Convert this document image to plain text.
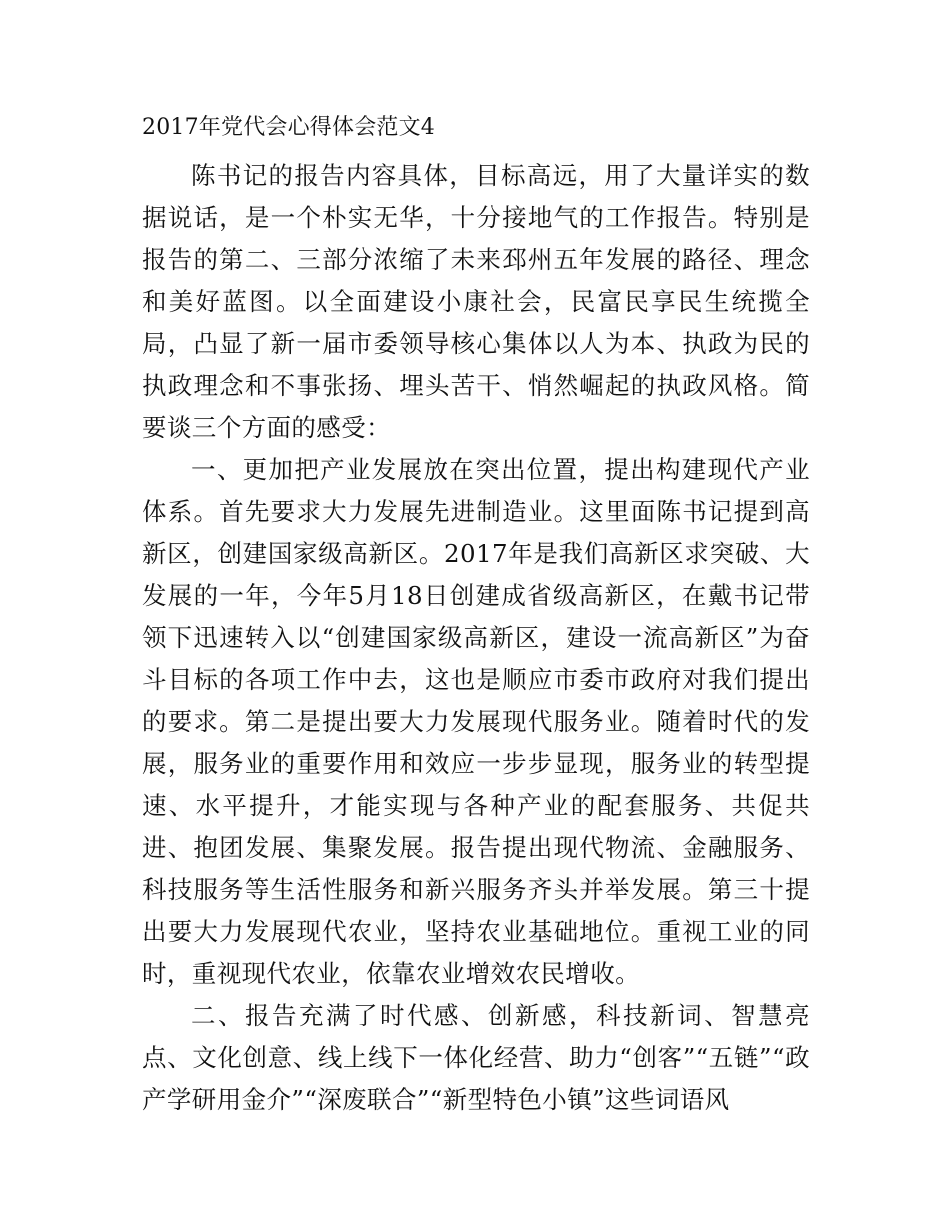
2017年党代会心得体会范文4

陈书记的报告内容具体，目标高远，用了大量详实的数据说话，是一个朴实无华，十分接地气的工作报告。特别是报告的第二、三部分浓缩了未来邳州五年发展的路径、理念和美好蓝图。以全面建设小康社会，民富民享民生统揽全局，凸显了新一届市委领导核心集体以人为本、执政为民的执政理念和不事张扬、埋头苦干、悄然崛起的执政风格。简要谈三个方面的感受：

一、更加把产业发展放在突出位置，提出构建现代产业体系。首先要求大力发展先进制造业。这里面陈书记提到高新区，创建国家级高新区。2017年是我们高新区求突破、大发展的一年，今年5月18日创建成省级高新区，在戴书记带领下迅速转入以“创建国家级高新区，建设一流高新区”为奋斗目标的各项工作中去，这也是顺应市委市政府对我们提出的要求。第二是提出要大力发展现代服务业。随着时代的发展，服务业的重要作用和效应一步步显现，服务业的转型提速、水平提升，才能实现与各种产业的配套服务、共促共进、抱团发展、集聚发展。报告提出现代物流、金融服务、科技服务等生活性服务和新兴服务齐头并举发展。第三十提出要大力发展现代农业，坚持农业基础地位。重视工业的同时，重视现代农业，依靠农业增效农民增收。

二、报告充满了时代感、创新感，科技新词、智慧亮点、文化创意、线上线下一体化经营、助力“创客”“五链”“政产学研用金介”“深废联合”“新型特色小镇”这些词语风
